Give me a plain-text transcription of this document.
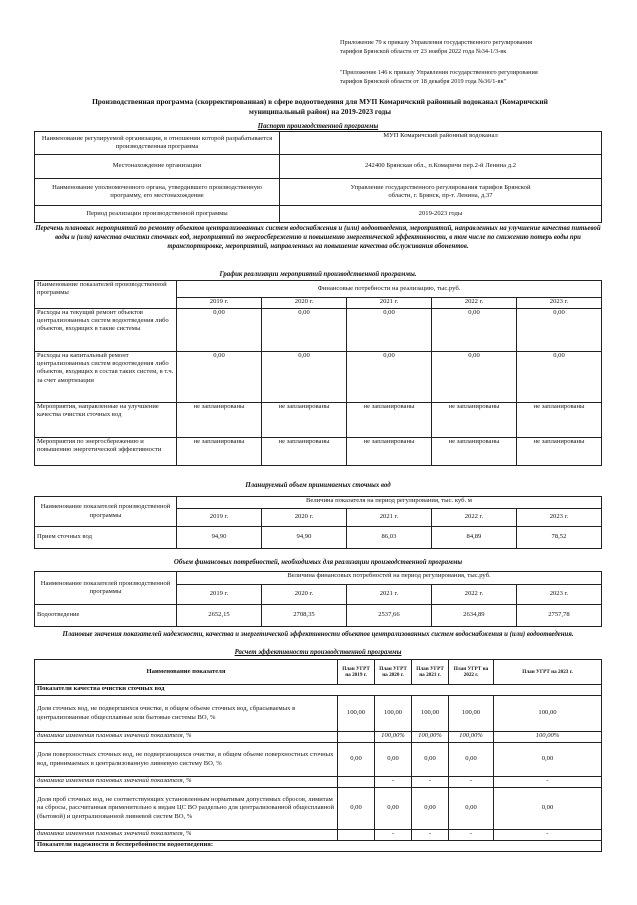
Приложение 79 к приказу Управления государственного регулирования
тарифов Брянской области от 23 ноября 2022 года №34-1/3-вк
"Приложение 146 к приказу Управления государственного регулирования
тарифов Брянской области от 18 декабря 2019 года №36/1-вк"
Производственная программа (скорректированная) в сфере водоотведения для МУП Комаричский районный водоканал (Комаричский
муниципальный район) на 2019-2023 годы
Паспорт производственной программы
Наименование регулируемой организации, в отношении которой разрабатывается производственная программа	МУП Комаричский районный водоканал
Местонахождение организации	242400 Брянская обл., п.Комаричи пер.2-й Ленина д.2
Наименование уполномоченного органа, утвердившего производственную программу, его местонахождение	Управление государственного регулирования тарифов Брянской области, г. Брянск, пр-т. Ленина, д.37
Период реализации производственной программы	2019-2023 годы
Перечень плановых мероприятий по ремонту объектов централизованных систем водоснабжения и (или) водоотведения, мероприятий, направленных на улучшение качества питьевой воды и (или) качества очистки сточных вод, мероприятий по энергосбережению и повышению энергетической эффективности, в том числе по снижению потерь воды при транспортировке, мероприятий, направленных на повышение качества обслуживания абонентов.
График реализации мероприятий производственной программы.
Наименование показателей производственной программы	Финансовые потребности на реализацию, тыс.руб.				
	2019 г.	2020 г.	2021 г.	2022 г.	2023 г.
Расходы на текущий ремонт объектов централизованных систем водоотведения либо объектов, входящих в такие системы	0,00	0,00	0,00	0,00	0,00
Расходы на капитальный ремонт централизованных систем водоотведения либо объектов, входящих в состав таких систем, в т.ч. за счет амортизации	0,00	0,00	0,00	0,00	0,00
Мероприятия, направленные на улучшение качества очистки сточных вод	не запланированы	не запланированы	не запланированы	не запланированы	не запланированы
Мероприятия по энергосбережению и повышению энергетической эффективности	не запланированы	не запланированы	не запланированы	не запланированы	не запланированы
Планируемый объем принимаемых сточных вод
Наименование показателей производственной программы	Величина показателя на период регулирования, тыс. куб. м				
	2019 г.	2020 г.	2021 г.	2022 г.	2023 г.
Прием сточных вод	94,90	94,90	86,03	84,89	78,52
Объем финансовых потребностей, необходимых для реализации производственной программы
Наименование показателей производственной программы	Величина финансовых потребностей на период регулирования, тыс.руб.				
	2019 г.	2020 г.	2021 г.	2022 г.	2023 г.
Водоотведение	2652,15	2708,35	2537,66	2634,89	2757,78
Плановые значения показателей надежности, качества и энергетической эффективности объектов централизованных систем водоснабжения и (или) водоотведения.
Расчет эффективности производственной программы
Наименование показателя	План УГРТ на 2019 г.	План УГРТ на 2020 г.	План УГРТ на 2021 г.	План УГРТ на 2022 г.	План УГРТ на 2023 г.
Показатели качества очистки сточных вод					
Доля сточных вод, не подвергшихся очистке, в общем объеме сточных вод, сбрасываемых в централизованные общесплавные или бытовые системы ВО, %	100,00	100,00	100,00	100,00	100,00
динамика изменения плановых значений показателя, %		100,00%	100,00%	100,00%	100,00%
Доля поверхностных сточных вод, не подвергающихся очистке, в общем объеме поверхностных сточных вод, принимаемых в централизованную ливневую систему ВО, %	0,00	0,00	0,00	0,00	0,00
динамика изменения плановых значений показателя, %		-	-	-	-
Доля проб сточных вод, не соответствующих установленным нормативам допустимых сбросов, лимитам на сбросы, рассчитанная применительно к видам ЦС ВО раздельно для централизованной общесплавной (бытовой) и централизованной ливневой систем ВО, %	0,00	0,00	0,00	0,00	0,00
динамика изменения плановых значений показателя, %		-	-	-	-
Показатели надежности и бесперебойности водоотведения:					
